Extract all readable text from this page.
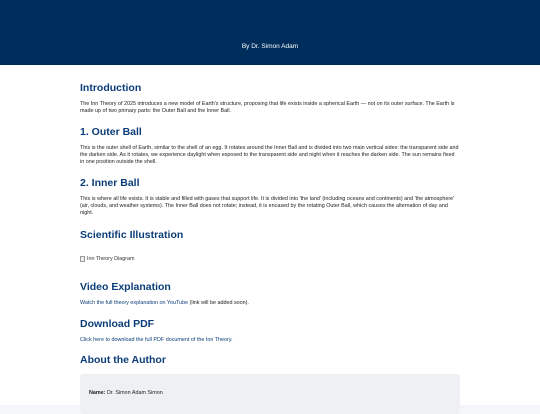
By Dr. Simon Adam
Introduction

The Inn Theory of 2025 introduces a new model of Earth's structure, proposing that life exists inside a spherical Earth — not on its outer surface. The Earth is made up of two primary parts: the Outer Ball and the Inner Ball.

1. Outer Ball

This is the outer shell of Earth, similar to the shell of an egg. It rotates around the Inner Ball and is divided into two main vertical sides: the transparent side and the darken side. As it rotates, we experience daylight when exposed to the transparent side and night when it reaches the darken side. The sun remains fixed in one position outside the shell.

2. Inner Ball

This is where all life exists. It is stable and filled with gases that support life. It is divided into 'the land' (including oceans and continents) and 'the atmosphere' (air, clouds, and weather systems). The Inner Ball does not rotate; instead, it is encased by the rotating Outer Ball, which causes the alternation of day and night.

Scientific Illustration
Inn Theory Diagram
Video Explanation

Watch the full theory explanation on YouTube (link will be added soon).

Download PDF

Click here to download the full PDF document of the Inn Theory.

About the Author
Name: Dr. Simon Adam Simon
